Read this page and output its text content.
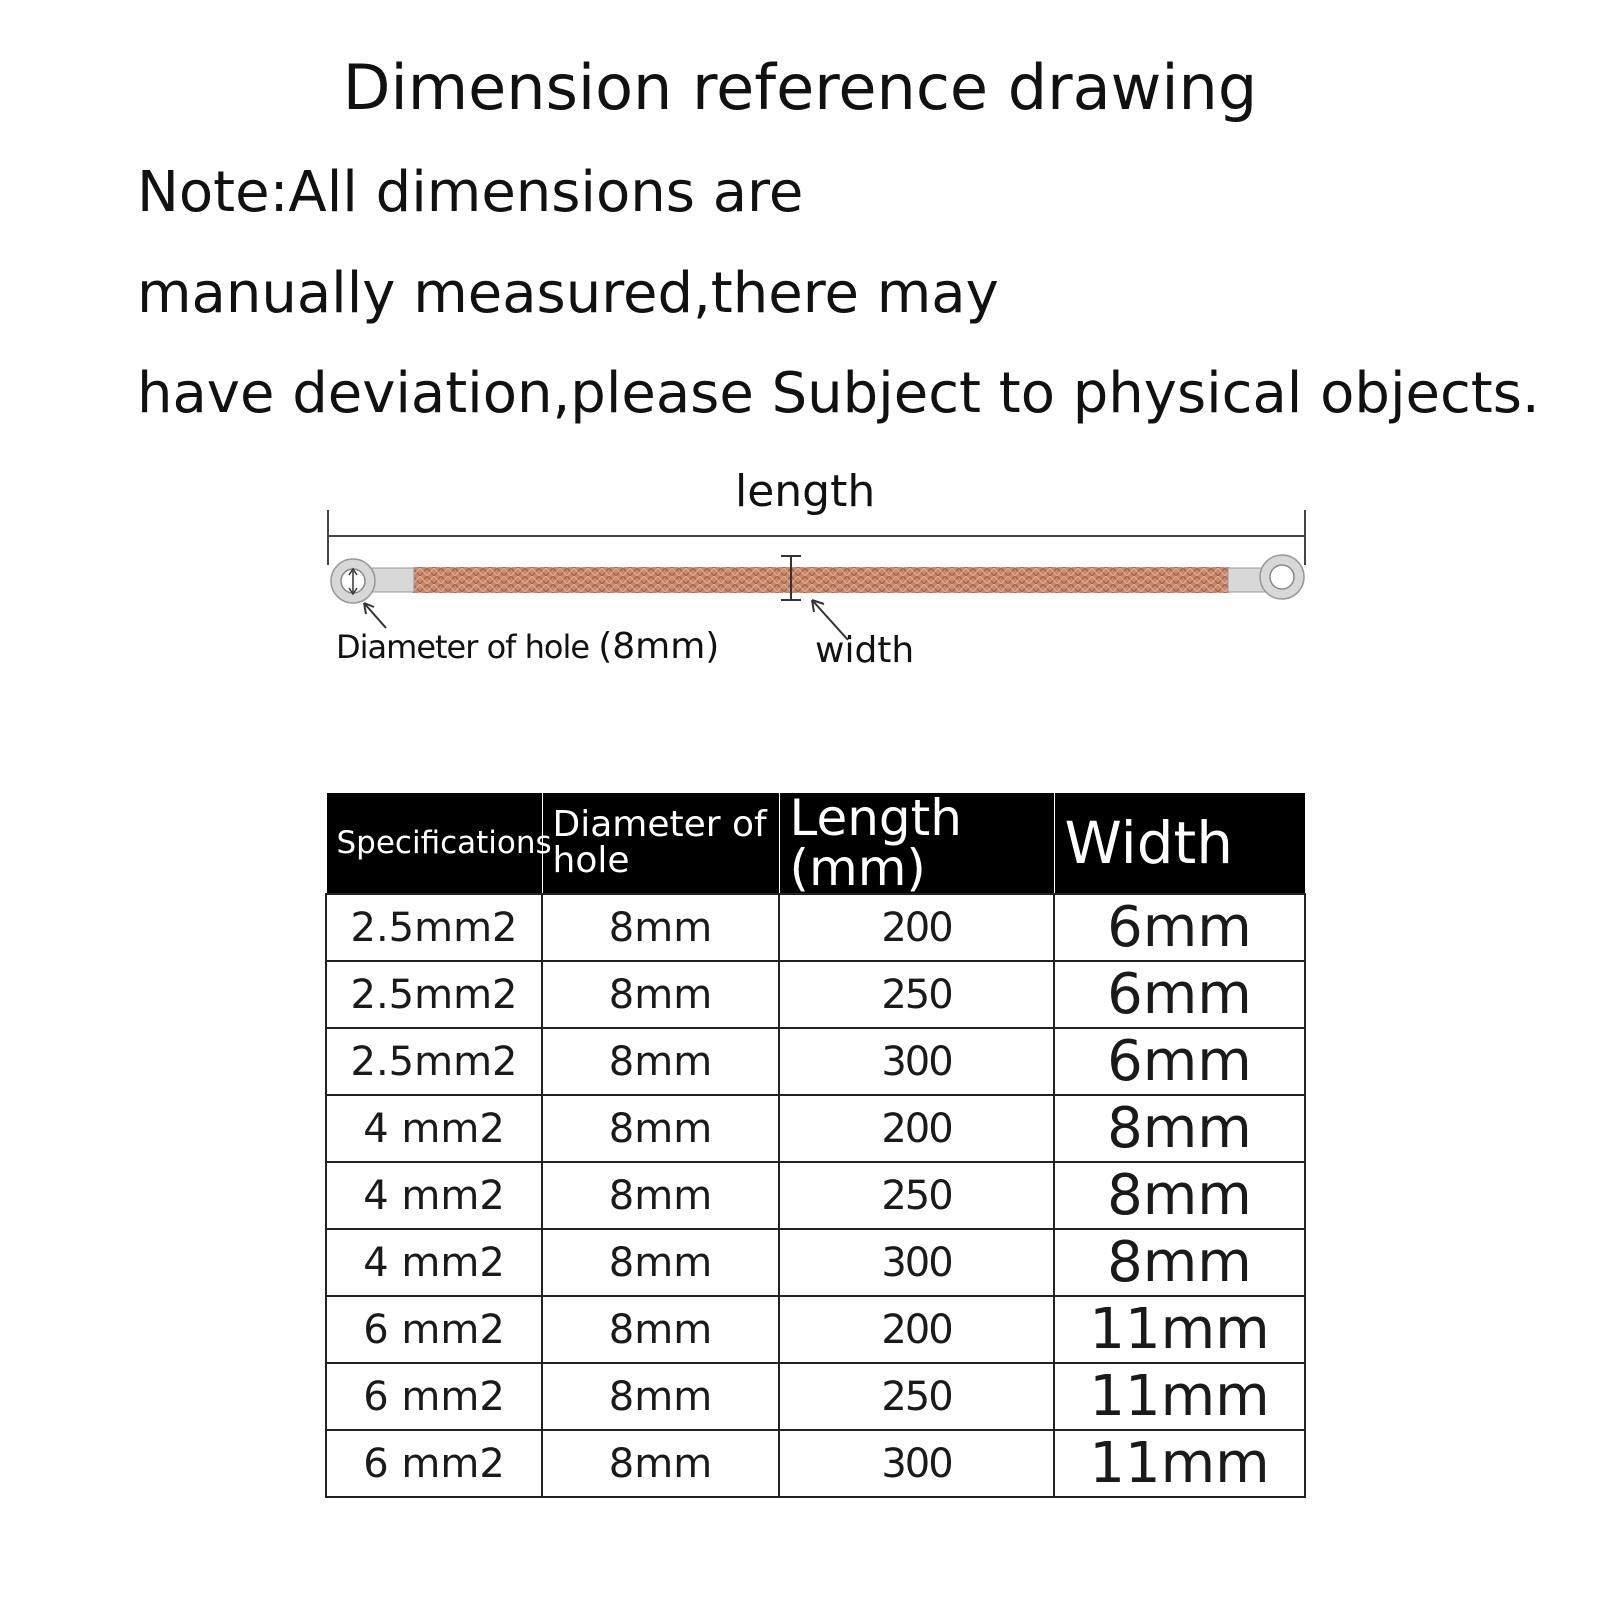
Dimension reference drawing
Note:All dimensions are
manually measured,there may
have deviation,please Subject to physical objects.
length
Diameter of hole (8mm)	width
Specifications	Diameter of hole	Length (mm)	Width
2.5mm2	8mm	200	6mm
2.5mm2	8mm	250	6mm
2.5mm2	8mm	300	6mm
4 mm2	8mm	200	8mm
4 mm2	8mm	250	8mm
4 mm2	8mm	300	8mm
6 mm2	8mm	200	11mm
6 mm2	8mm	250	11mm
6 mm2	8mm	300	11mm
